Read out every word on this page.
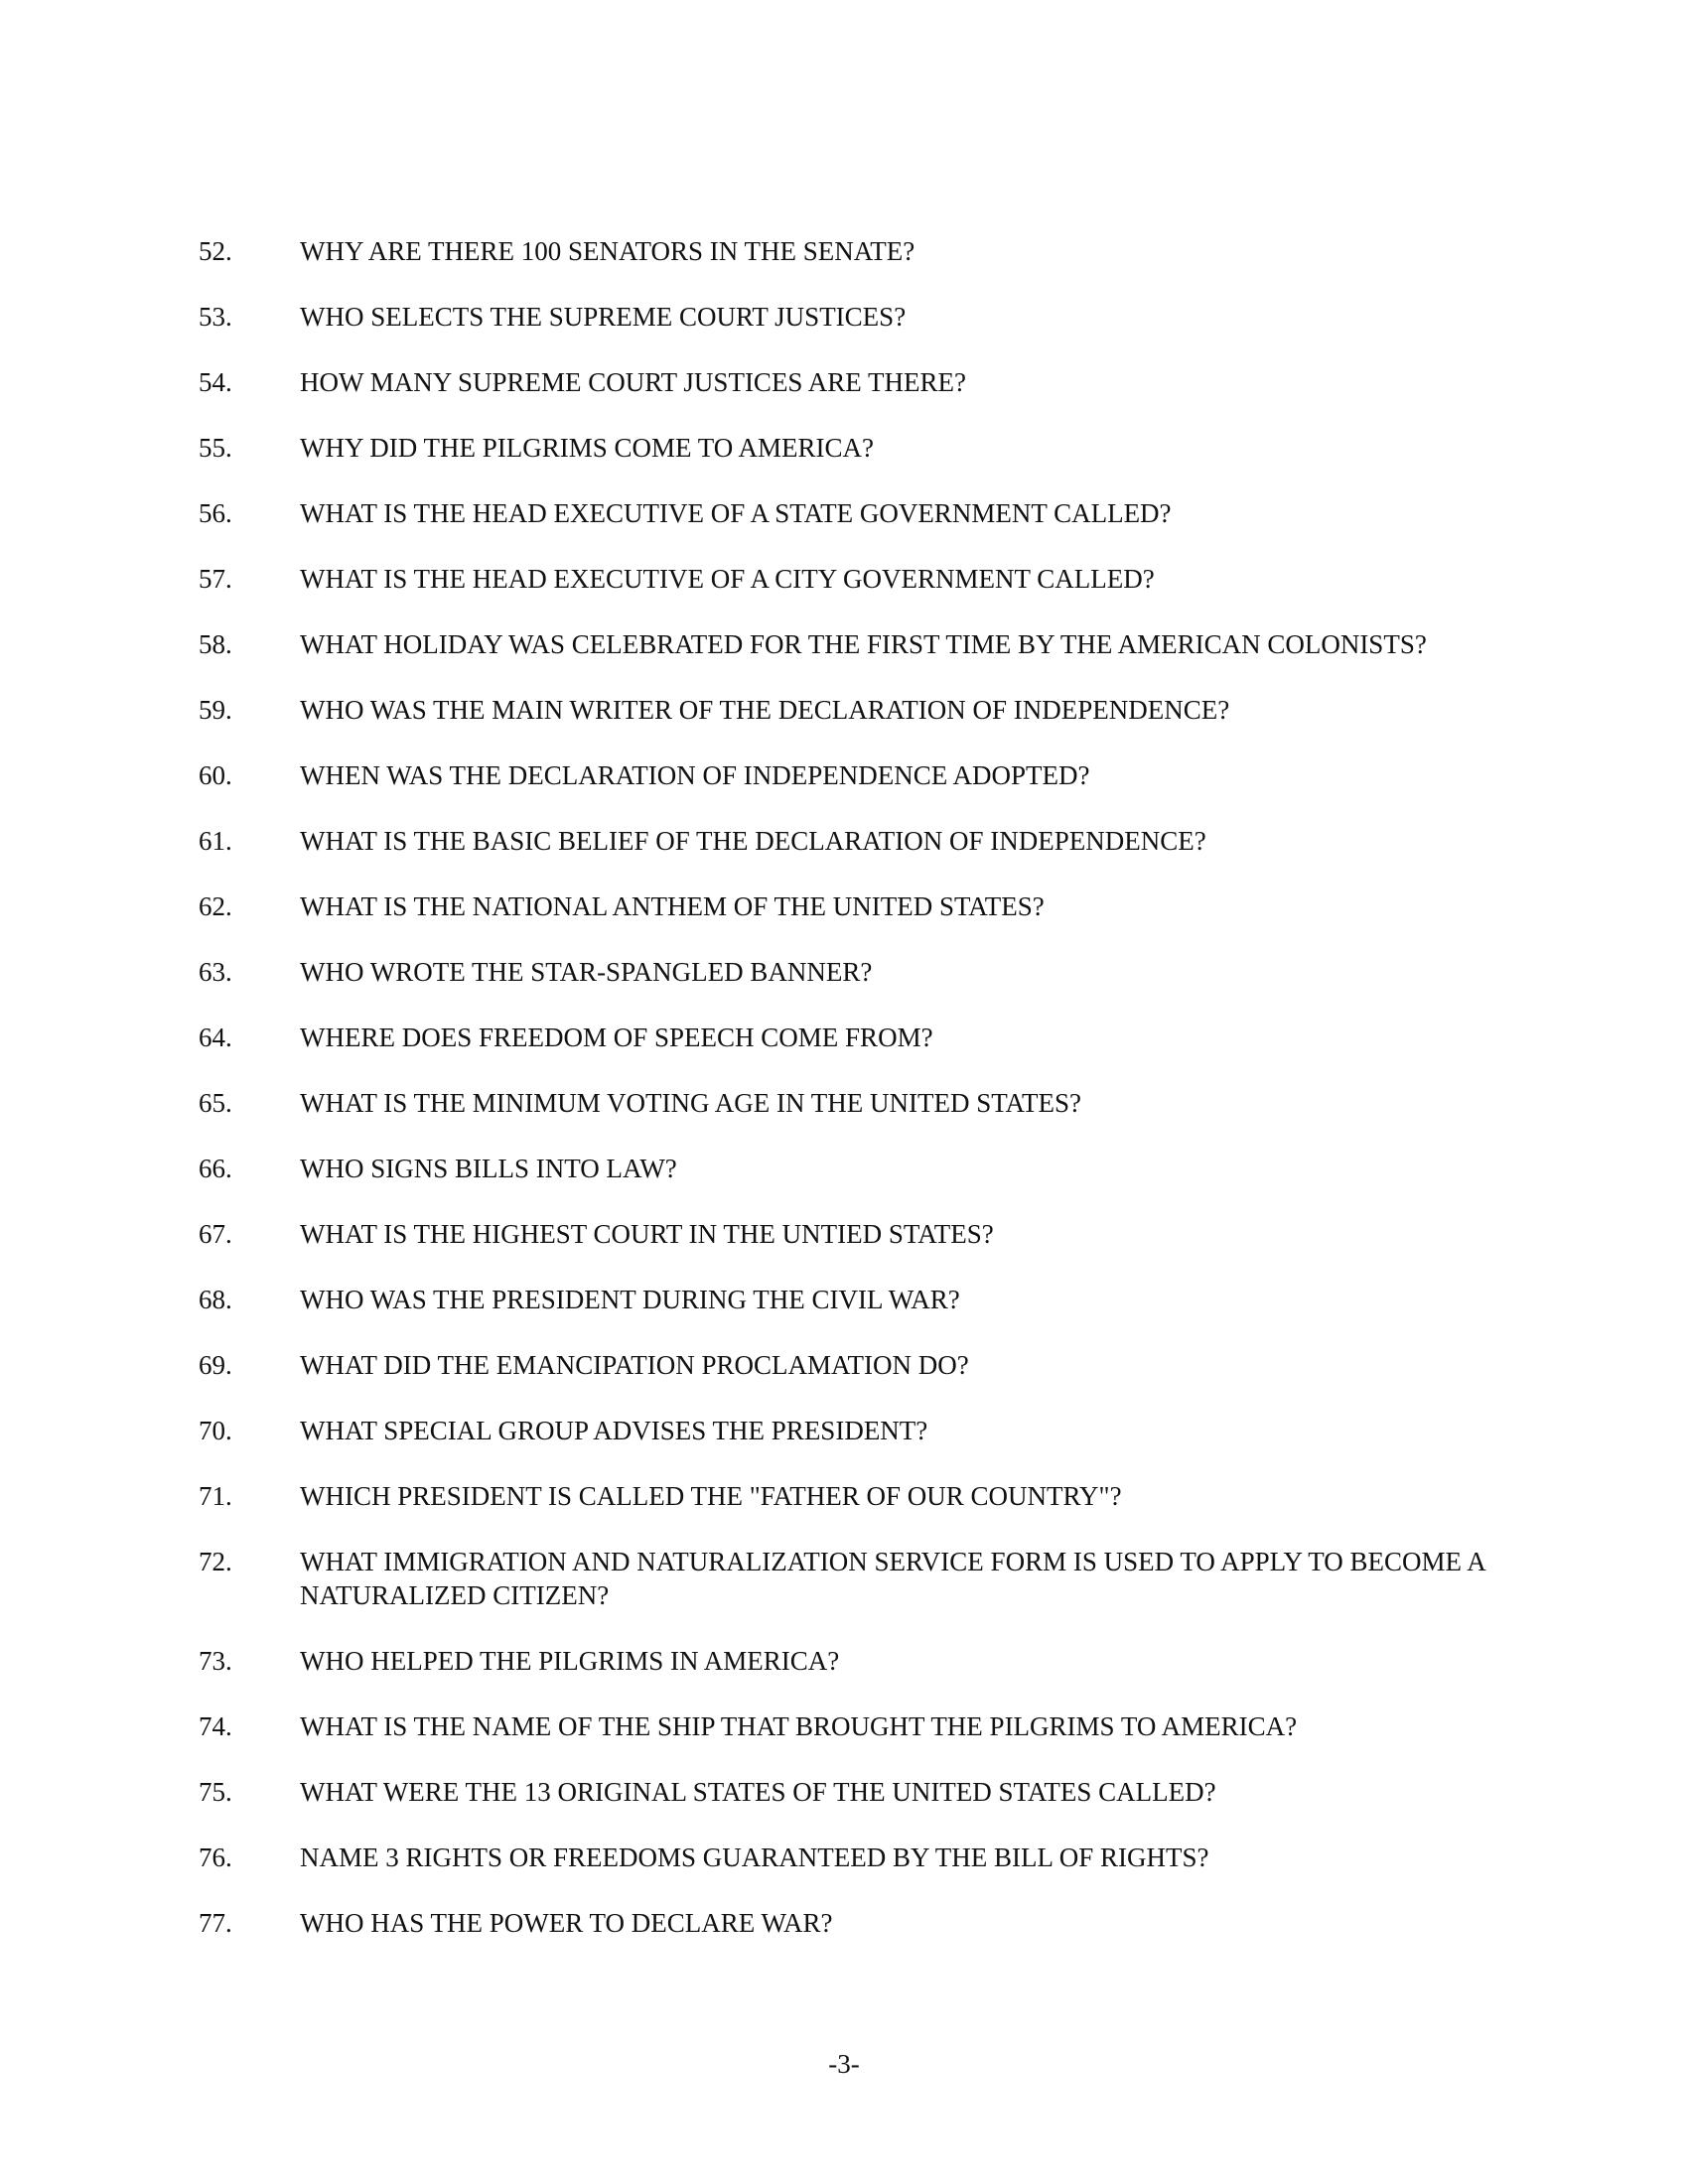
52.	WHY ARE THERE 100 SENATORS IN THE SENATE?
53.	WHO SELECTS THE SUPREME COURT JUSTICES?
54.	HOW MANY SUPREME COURT JUSTICES ARE THERE?
55.	WHY DID THE PILGRIMS COME TO AMERICA?
56.	WHAT IS THE HEAD EXECUTIVE OF A STATE GOVERNMENT CALLED?
57.	WHAT IS THE HEAD EXECUTIVE OF A CITY GOVERNMENT CALLED?
58.	WHAT HOLIDAY WAS CELEBRATED FOR THE FIRST TIME BY THE AMERICAN COLONISTS?
59.	WHO WAS THE MAIN WRITER OF THE DECLARATION OF INDEPENDENCE?
60.	WHEN WAS THE DECLARATION OF INDEPENDENCE ADOPTED?
61.	WHAT IS THE BASIC BELIEF OF THE DECLARATION OF INDEPENDENCE?
62.	WHAT IS THE NATIONAL ANTHEM OF THE UNITED STATES?
63.	WHO WROTE THE STAR-SPANGLED BANNER?
64.	WHERE DOES FREEDOM OF SPEECH COME FROM?
65.	WHAT IS THE MINIMUM VOTING AGE IN THE UNITED STATES?
66.	WHO SIGNS BILLS INTO LAW?
67.	WHAT IS THE HIGHEST COURT IN THE UNTIED STATES?
68.	WHO WAS THE PRESIDENT DURING THE CIVIL WAR?
69.	WHAT DID THE EMANCIPATION PROCLAMATION DO?
70.	WHAT SPECIAL GROUP ADVISES THE PRESIDENT?
71.	WHICH PRESIDENT IS CALLED THE "FATHER OF OUR COUNTRY"?
72.	WHAT IMMIGRATION AND NATURALIZATION SERVICE FORM IS USED TO APPLY TO BECOME A NATURALIZED CITIZEN?
73.	WHO HELPED THE PILGRIMS IN AMERICA?
74.	WHAT IS THE NAME OF THE SHIP THAT BROUGHT THE PILGRIMS TO AMERICA?
75.	WHAT WERE THE 13 ORIGINAL STATES OF THE UNITED STATES CALLED?
76.	NAME 3 RIGHTS OR FREEDOMS GUARANTEED BY THE BILL OF RIGHTS?
77.	WHO HAS THE POWER TO DECLARE WAR?
-3-
